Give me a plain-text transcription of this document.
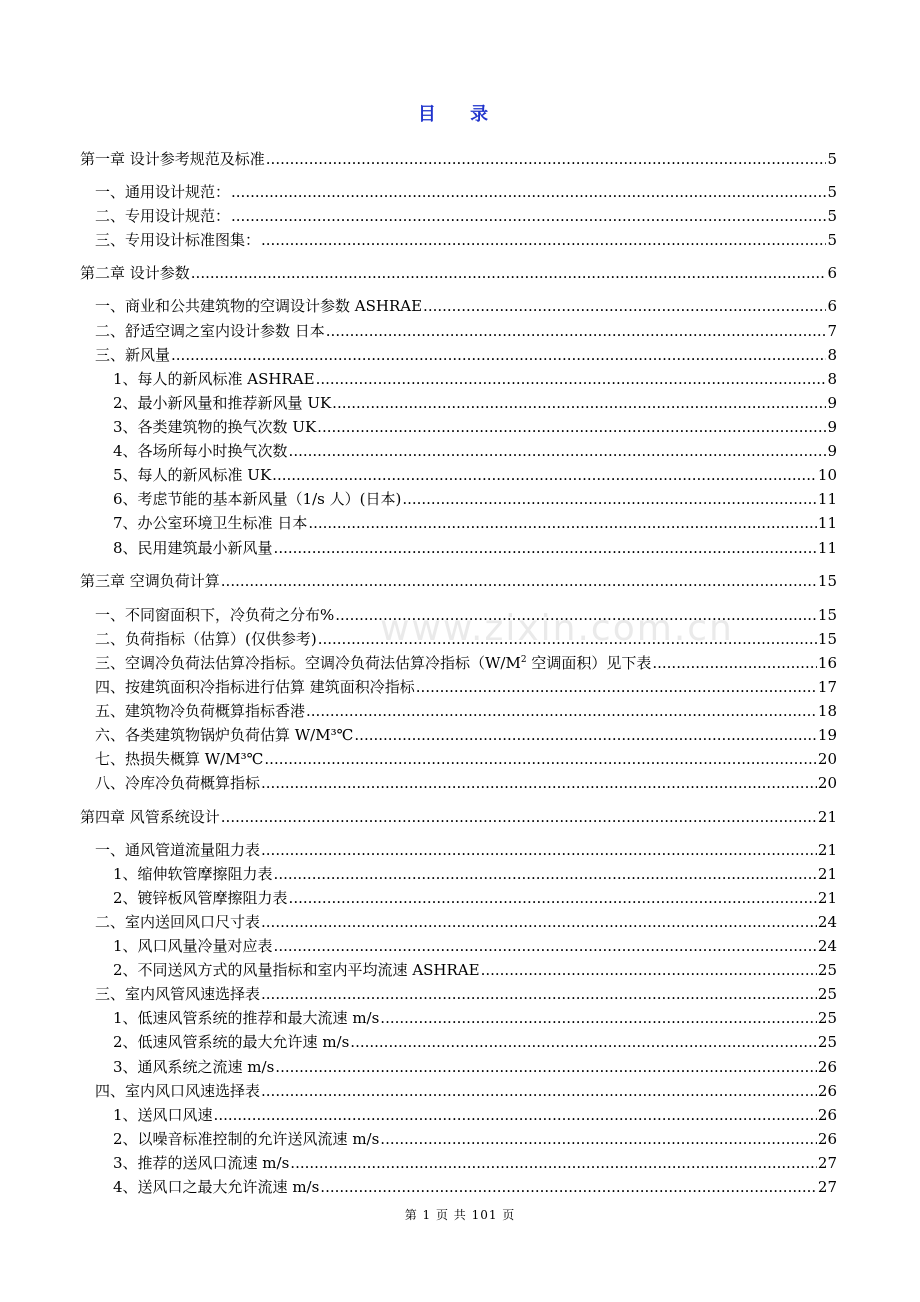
www.zixin.com.cn
目 录
第一章 设计参考规范及标准 .....	5
一、通用设计规范： .....	5
二、专用设计规范： .....	5
三、专用设计标准图集： .....	5
第二章 设计参数 .....	6
一、商业和公共建筑物的空调设计参数 ASHRAE .....	6
二、舒适空调之室内设计参数 日本 .....	7
三、新风量 .....	8
1、每人的新风标准 ASHRAE .....	8
2、最小新风量和推荐新风量 UK .....	9
3、各类建筑物的换气次数 UK .....	9
4、各场所每小时换气次数 .....	9
5、每人的新风标准 UK .....	10
6、考虑节能的基本新风量（1/s 人）(日本) .....	11
7、办公室环境卫生标准 日本 .....	11
8、民用建筑最小新风量 .....	11
第三章 空调负荷计算 .....	15
一、不同窗面积下，冷负荷之分布% .....	15
二、负荷指标（估算）(仅供参考) .....	15
三、空调冷负荷法估算冷指标。空调冷负荷法估算冷指标（$W/M^2$ 空调面积）见下表 .....	16
四、按建筑面积冷指标进行估算 建筑面积冷指标 .....	17
五、建筑物冷负荷概算指标香港 .....	18
六、各类建筑物锅炉负荷估算 W/M³℃ .....	19
七、热损失概算 W/M³℃ .....	20
八、冷库冷负荷概算指标 .....	20
第四章 风管系统设计 .....	21
一、通风管道流量阻力表 .....	21
1、缩伸软管摩擦阻力表 .....	21
2、镀锌板风管摩擦阻力表 .....	21
二、室内送回风口尺寸表 .....	24
1、风口风量冷量对应表 .....	24
2、不同送风方式的风量指标和室内平均流速 ASHRAE .....	25
三、室内风管风速选择表 .....	25
1、低速风管系统的推荐和最大流速 m/s .....	25
2、低速风管系统的最大允许速 m/s .....	25
3、通风系统之流速 m/s .....	26
四、室内风口风速选择表 .....	26
1、送风口风速 .....	26
2、以噪音标准控制的允许送风流速 m/s .....	26
3、推荐的送风口流速 m/s .....	27
4、送风口之最大允许流速 m/s .....	27
第 1 页 共 101 页
